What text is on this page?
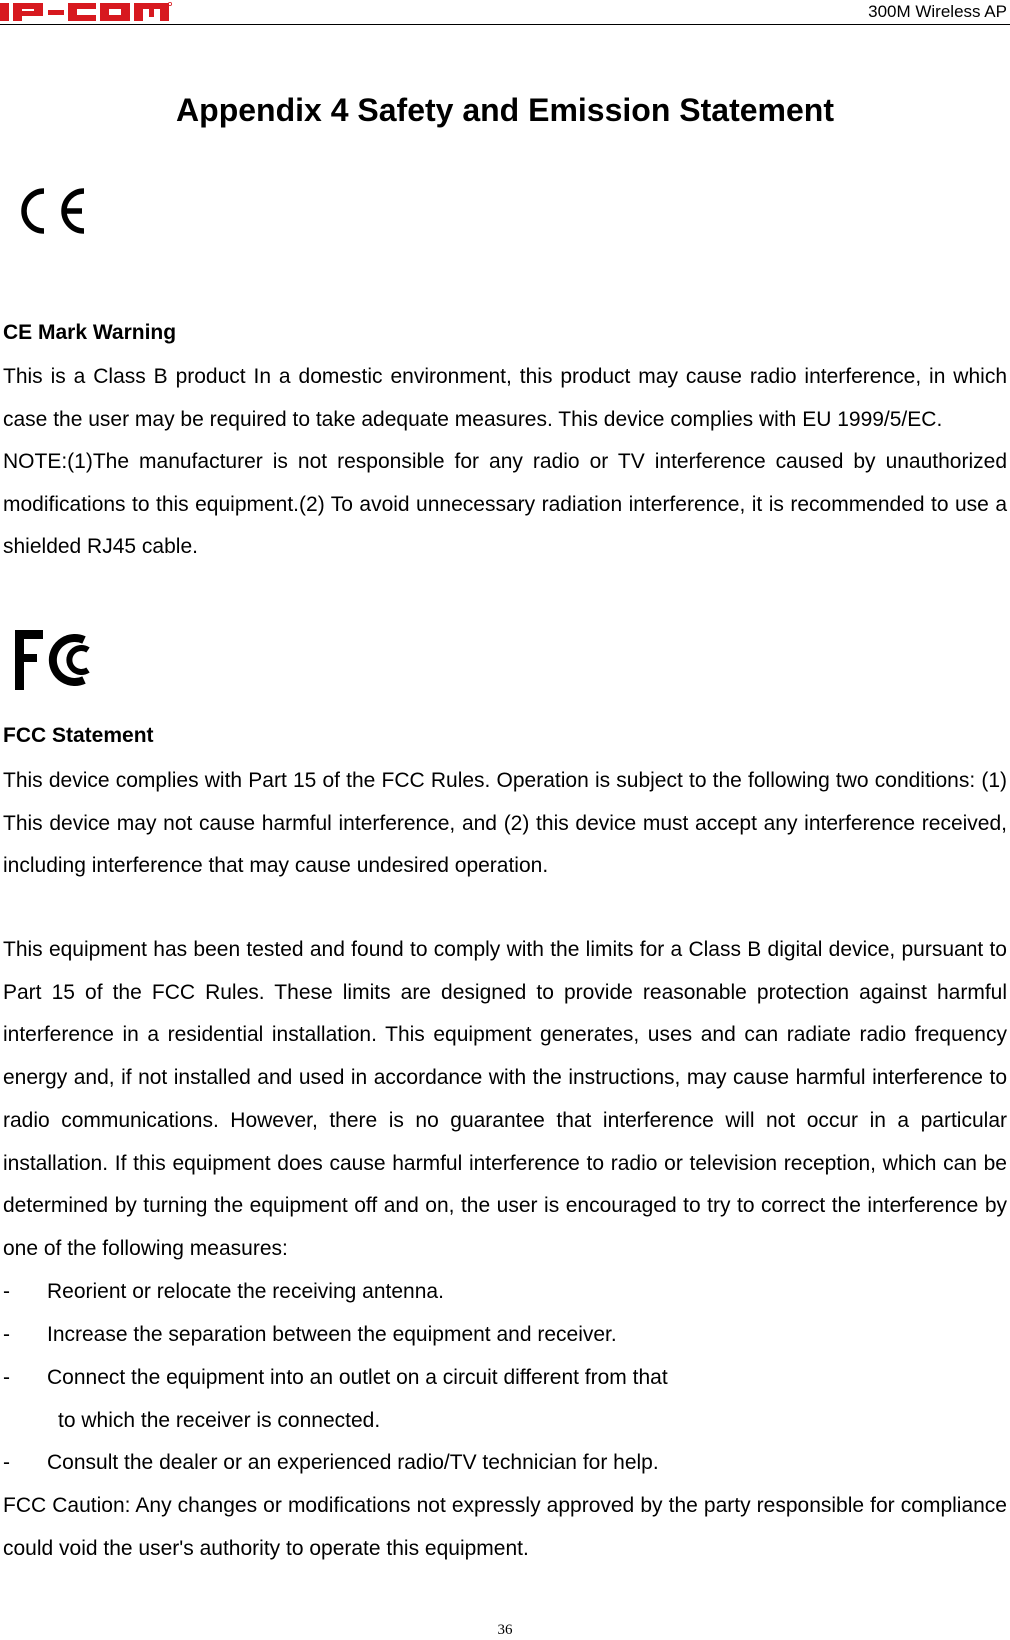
300M Wireless AP
Appendix 4 Safety and Emission Statement
CE Mark Warning
This is a Class B product In a domestic environment, this product may cause radio interference, in which case the user may be required to take adequate measures. This device complies with EU 1999/5/EC.
NOTE:(1)The manufacturer is not responsible for any radio or TV interference caused by unauthorized modifications to this equipment.(2) To avoid unnecessary radiation interference, it is recommended to use a shielded RJ45 cable.
FCC Statement
This device complies with Part 15 of the FCC Rules. Operation is subject to the following two conditions: (1) This device may not cause harmful interference, and (2) this device must accept any interference received, including interference that may cause undesired operation.
This equipment has been tested and found to comply with the limits for a Class B digital device, pursuant to Part 15 of the FCC Rules. These limits are designed to provide reasonable protection against harmful interference in a residential installation. This equipment generates, uses and can radiate radio frequency energy and, if not installed and used in accordance with the instructions, may cause harmful interference to radio communications. However, there is no guarantee that interference will not occur in a particular installation. If this equipment does cause harmful interference to radio or television reception, which can be determined by turning the equipment off and on, the user is encouraged to try to correct the interference by one of the following measures:
- Reorient or relocate the receiving antenna.
- Increase the separation between the equipment and receiver.
- Connect the equipment into an outlet on a circuit different from that
to which the receiver is connected.
- Consult the dealer or an experienced radio/TV technician for help.
FCC Caution: Any changes or modifications not expressly approved by the party responsible for compliance could void the user's authority to operate this equipment.
36
